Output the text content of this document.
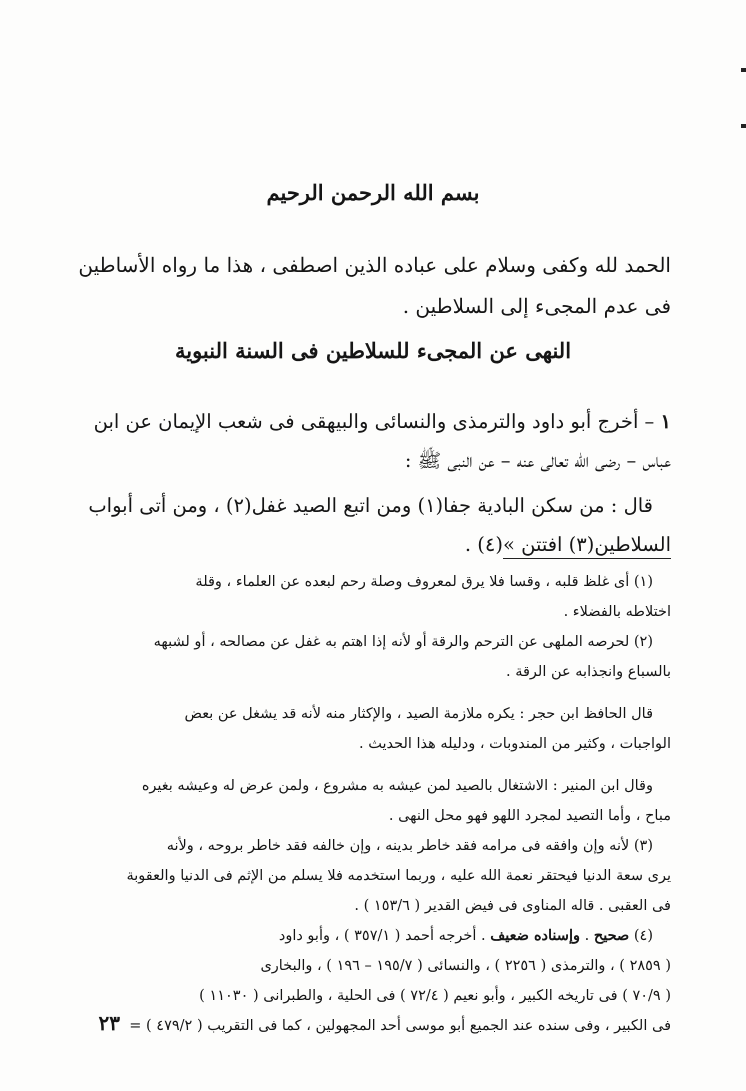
بسم الله الرحمن الرحيم

الحمد لله وكفى وسلام على عباده الذين اصطفى ، هذا ما رواه الأساطين

فى عدم المجىء إلى السلاطين .

النهى عن المجىء للسلاطين فى السنة النبوية

١ – أخرج أبو داود والترمذى والنسائى والبيهقى فى شعب الإيمان عن ابن

عباس – رضى الله تعالى عنه – عن النبى ﷺ :

قال : من سكن البادية جفا(١) ومن اتبع الصيد غفل(٢) ، ومن أتى أبواب

السلاطين(٣) افتتن »(٤) .

(١) أى غلظ قلبه ، وقسا فلا يرق لمعروف وصلة رحم لبعده عن العلماء ، وقلة

اختلاطه بالفضلاء .

(٢) لحرصه الملهى عن الترحم والرقة أو لأنه إذا اهتم به غفل عن مصالحه ، أو لشبهه

بالسباع وانجذابه عن الرقة .

قال الحافظ ابن حجر : يكره ملازمة الصيد ، والإكثار منه لأنه قد يشغل عن بعض

الواجبات ، وكثير من المندوبات ، ودليله هذا الحديث .

وقال ابن المنير : الاشتغال بالصيد لمن عيشه به مشروع ، ولمن عرض له وعيشه بغيره

مباح ، وأما التصيد لمجرد اللهو فهو محل النهى .

(٣) لأنه وإن وافقه فى مرامه فقد خاطر بدينه ، وإن خالفه فقد خاطر بروحه ، ولأنه

يرى سعة الدنيا فيحتقر نعمة الله عليه ، وربما استخدمه فلا يسلم من الإثم فى الدنيا والعقوبة

فى العقبى . قاله المناوى فى فيض القدير ( ١٥٣/٦ ) .

(٤) صحيح . وإسناده ضعيف . أخرجه أحمد ( ٣٥٧/١ ) ، وأبو داود

( ٢٨٥٩ ) ، والترمذى ( ٢٢٥٦ ) ، والنسائى ( ١٩٥/٧ – ١٩٦ ) ، والبخارى

( ٧٠/٩ ) فى تاريخه الكبير ، وأبو نعيم ( ٧٢/٤ ) فى الحلية ، والطبرانى ( ١١٠٣٠ )

فى الكبير ، وفى سنده عند الجميع أبو موسى أحد المجهولين ، كما فى التقريب ( ٤٧٩/٢ ) =

٢٣
